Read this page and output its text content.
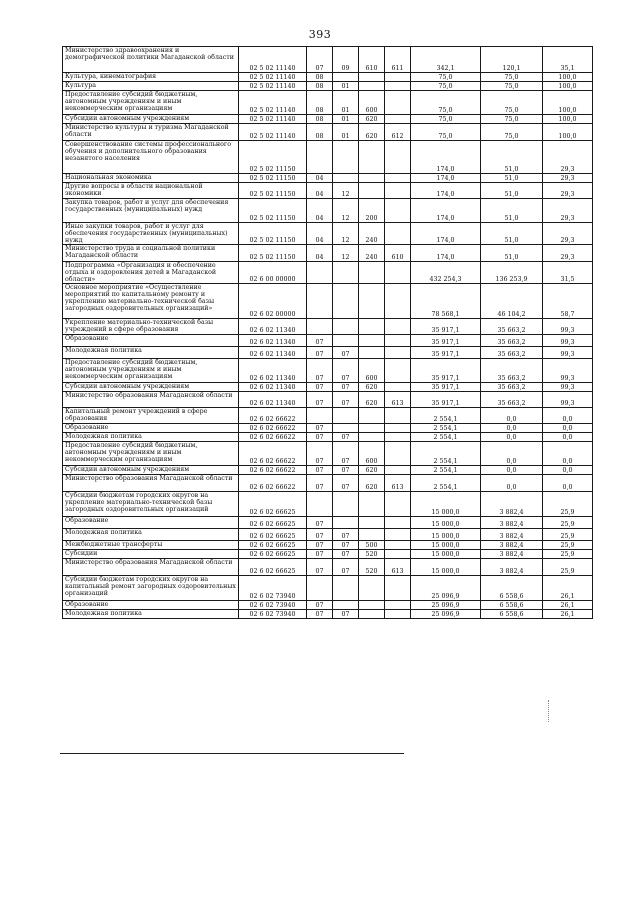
393
Министерство здравоохранения и демографической политики Магаданской области	02 5 02 11140	07	09	610	611	342,1	120,1	35,1
Культура, кинематография	02 5 02 11140	08				75,0	75,0	100,0
Культура	02 5 02 11140	08	01			75,0	75,0	100,0
Предоставление субсидий бюджетным, автономным учреждениям и иным некоммерческим организациям	02 5 02 11140	08	01	600		75,0	75,0	100,0
Субсидии автономным учреждениям	02 5 02 11140	08	01	620		75,0	75,0	100,0
Министерство культуры и туризма Магаданской области	02 5 02 11140	08	01	620	612	75,0	75,0	100,0
Совершенствование системы профессионального обучения и дополнительного образования незанятого населения	02 5 02 11150					174,0	51,0	29,3
Национальная экономика	02 5 02 11150	04				174,0	51,0	29,3
Другие вопросы в области национальной экономики	02 5 02 11150	04	12			174,0	51,0	29,3
Закупка товаров, работ и услуг для обеспечения государственных (муниципальных) нужд	02 5 02 11150	04	12	200		174,0	51,0	29,3
Иные закупки товаров, работ и услуг для обеспечения государственных (муниципальных) нужд	02 5 02 11150	04	12	240		174,0	51,0	29,3
Министерство труда и социальной политики Магаданской области	02 5 02 11150	04	12	240	610	174,0	51,0	29,3
Подпрограмма «Организация и обеспечение отдыха и оздоровления детей в Магаданской области»	02 6 00 00000					432 254,3	136 253,9	31,5
Основное мероприятие «Осуществление мероприятий по капитальному ремонту и укреплению материально-технической базы загородных оздоровительных организаций»	02 6 02 00000					78 568,1	46 104,2	58,7
Укрепление материально-технической базы учреждений в сфере образования	02 6 02 11340					35 917,1	35 663,2	99,3
Образование	02 6 02 11340	07				35 917,1	35 663,2	99,3
Молодежная политика	02 6 02 11340	07	07			35 917,1	35 663,2	99,3
Предоставление субсидий бюджетным, автономным учреждениям и иным некоммерческим организациям	02 6 02 11340	07	07	600		35 917,1	35 663,2	99,3
Субсидии автономным учреждениям	02 6 02 11340	07	07	620		35 917,1	35 663,2	99,3
Министерство образования Магаданской области	02 6 02 11340	07	07	620	613	35 917,1	35 663,2	99,3
Капитальный ремонт учреждений в сфере образования	02 6 02 66622					2 554,1	0,0	0,0
Образование	02 6 02 66622	07				2 554,1	0,0	0,0
Молодежная политика	02 6 02 66622	07	07			2 554,1	0,0	0,0
Предоставление субсидий бюджетным, автономным учреждениям и иным некоммерческим организациям	02 6 02 66622	07	07	600		2 554,1	0,0	0,0
Субсидии автономным учреждениям	02 6 02 66622	07	07	620		2 554,1	0,0	0,0
Министерство образования Магаданской области	02 6 02 66622	07	07	620	613	2 554,1	0,0	0,0
Субсидии бюджетам городских округов на укрепление материально-технической базы загородных оздоровительных организаций	02 6 02 66625					15 000,0	3 882,4	25,9
Образование	02 6 02 66625	07				15 000,0	3 882,4	25,9
Молодежная политика	02 6 02 66625	07	07			15 000,0	3 882,4	25,9
Межбюджетные трансферты	02 6 02 66625	07	07	500		15 000,0	3 882,4	25,9
Субсидии	02 6 02 66625	07	07	520		15 000,0	3 882,4	25,9
Министерство образования Магаданской области	02 6 02 66625	07	07	520	613	15 000,0	3 882,4	25,9
Субсидии бюджетам городских округов на капитальный ремонт загородных оздоровительных организаций	02 6 02 73940					25 096,9	6 558,6	26,1
Образование	02 6 02 73940	07				25 096,9	6 558,6	26,1
Молодежная политика	02 6 02 73940	07	07			25 096,9	6 558,6	26,1
